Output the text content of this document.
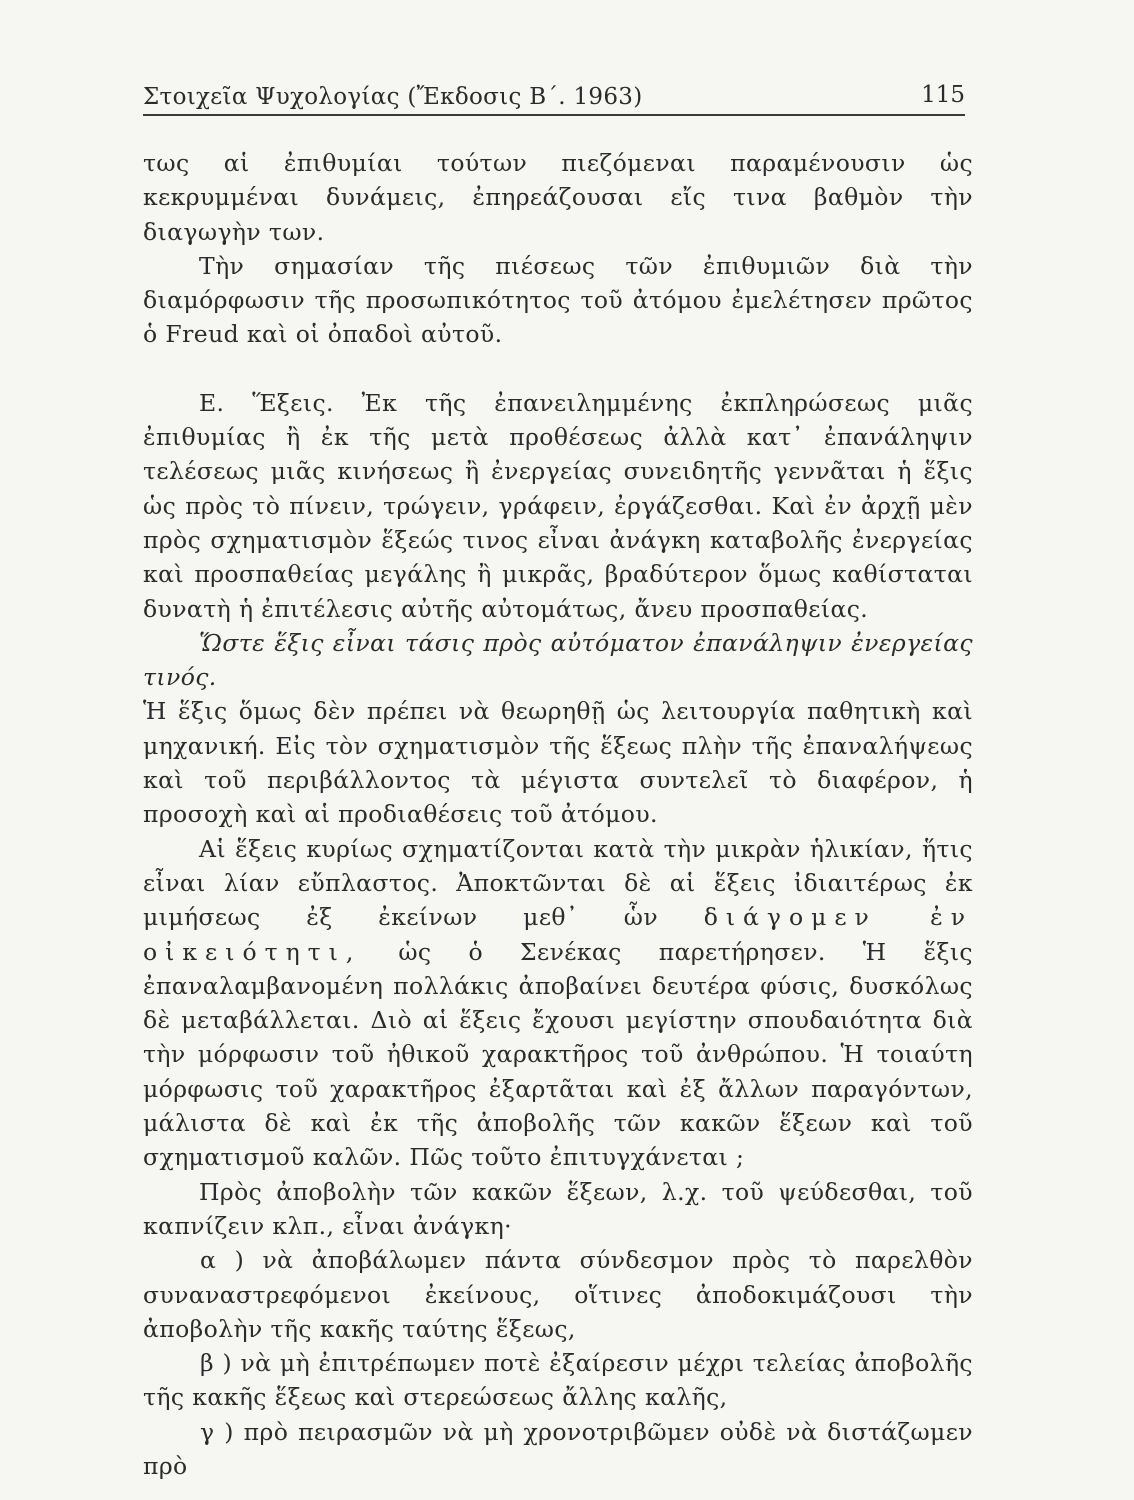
Στοιχεῖα Ψυχολογίας (Ἔκδοσις Β΄. 1963)	115

τως αἱ ἐπιθυμίαι τούτων πιεζόμεναι παραμένουσιν ὡς κεκρυμμέναι δυνάμεις, ἐπηρεάζουσαι εἴς τινα βαθμὸν τὴν διαγωγὴν των.

Τὴν σημασίαν τῆς πιέσεως τῶν ἐπιθυμιῶν διὰ τὴν διαμόρφωσιν τῆς προσωπικότητος τοῦ ἀτόμου ἐμελέτησεν πρῶτος ὁ Freud καὶ οἱ ὀπαδοὶ αὐτοῦ.

Ε. Ἕξεις. Ἐκ τῆς ἐπανειλημμένης ἐκπληρώσεως μιᾶς ἐπιθυμίας ἢ ἐκ τῆς μετὰ προθέσεως ἀλλὰ κατ᾽ ἐπανάληψιν τελέσεως μιᾶς κινήσεως ἢ ἐνεργείας συνειδητῆς γεννᾶται ἡ ἕξις ὡς πρὸς τὸ πίνειν, τρώγειν, γράφειν, ἐργάζεσθαι. Καὶ ἐν ἀρχῇ μὲν πρὸς σχηματισμὸν ἕξεώς τινος εἶναι ἀνάγκη καταβολῆς ἐνεργείας καὶ προσπαθείας μεγάλης ἢ μικρᾶς, βραδύτερον ὅμως καθίσταται δυνατὴ ἡ ἐπιτέλεσις αὐτῆς αὐτομάτως, ἄνευ προσπαθείας.

Ὥστε ἕξις εἶναι τάσις πρὸς αὐτόματον ἐπανάληψιν ἐνεργείας τινός.

Ἡ ἕξις ὅμως δὲν πρέπει νὰ θεωρηθῇ ὡς λειτουργία παθητικὴ καὶ μηχανική. Εἰς τὸν σχηματισμὸν τῆς ἕξεως πλὴν τῆς ἐπαναλήψεως καὶ τοῦ περιβάλλοντος τὰ μέγιστα συντελεῖ τὸ διαφέρον, ἡ προσοχὴ καὶ αἱ προδιαθέσεις τοῦ ἀτόμου.

Αἱ ἕξεις κυρίως σχηματίζονται κατὰ τὴν μικρὰν ἡλικίαν, ἥτις εἶναι λίαν εὔπλαστος. Ἀποκτῶνται δὲ αἱ ἕξεις ἰδιαιτέρως ἐκ μιμήσεως ἐξ ἐκείνων μεθ᾽ ὧν διάγομεν ἐν οἰκειότητι, ὡς ὁ Σενέκας παρετήρησεν. Ἡ ἕξις ἐπαναλαμβανομένη πολλάκις ἀποβαίνει δευτέρα φύσις, δυσκόλως δὲ μεταβάλλεται. Διὸ αἱ ἕξεις ἔχουσι μεγίστην σπουδαιότητα διὰ τὴν μόρφωσιν τοῦ ἠθικοῦ χαρακτῆρος τοῦ ἀνθρώπου. Ἡ τοιαύτη μόρφωσις τοῦ χαρακτῆρος ἐξαρτᾶται καὶ ἐξ ἄλλων παραγόντων, μάλιστα δὲ καὶ ἐκ τῆς ἀποβολῆς τῶν κακῶν ἕξεων καὶ τοῦ σχηματισμοῦ καλῶν. Πῶς τοῦτο ἐπιτυγχάνεται ;

Πρὸς ἀποβολὴν τῶν κακῶν ἕξεων, λ.χ. τοῦ ψεύδεσθαι, τοῦ καπνίζειν κλπ., εἶναι ἀνάγκη·

α ) νὰ ἀποβάλωμεν πάντα σύνδεσμον πρὸς τὸ παρελθὸν συναναστρεφόμενοι ἐκείνους, οἵτινες ἀποδοκιμάζουσι τὴν ἀποβολὴν τῆς κακῆς ταύτης ἕξεως,

β ) νὰ μὴ ἐπιτρέπωμεν ποτὲ ἐξαίρεσιν μέχρι τελείας ἀποβολῆς τῆς κακῆς ἕξεως καὶ στερεώσεως ἄλλης καλῆς,

γ ) πρὸ πειρασμῶν νὰ μὴ χρονοτριβῶμεν οὐδὲ νὰ διστάζωμεν πρὸ
